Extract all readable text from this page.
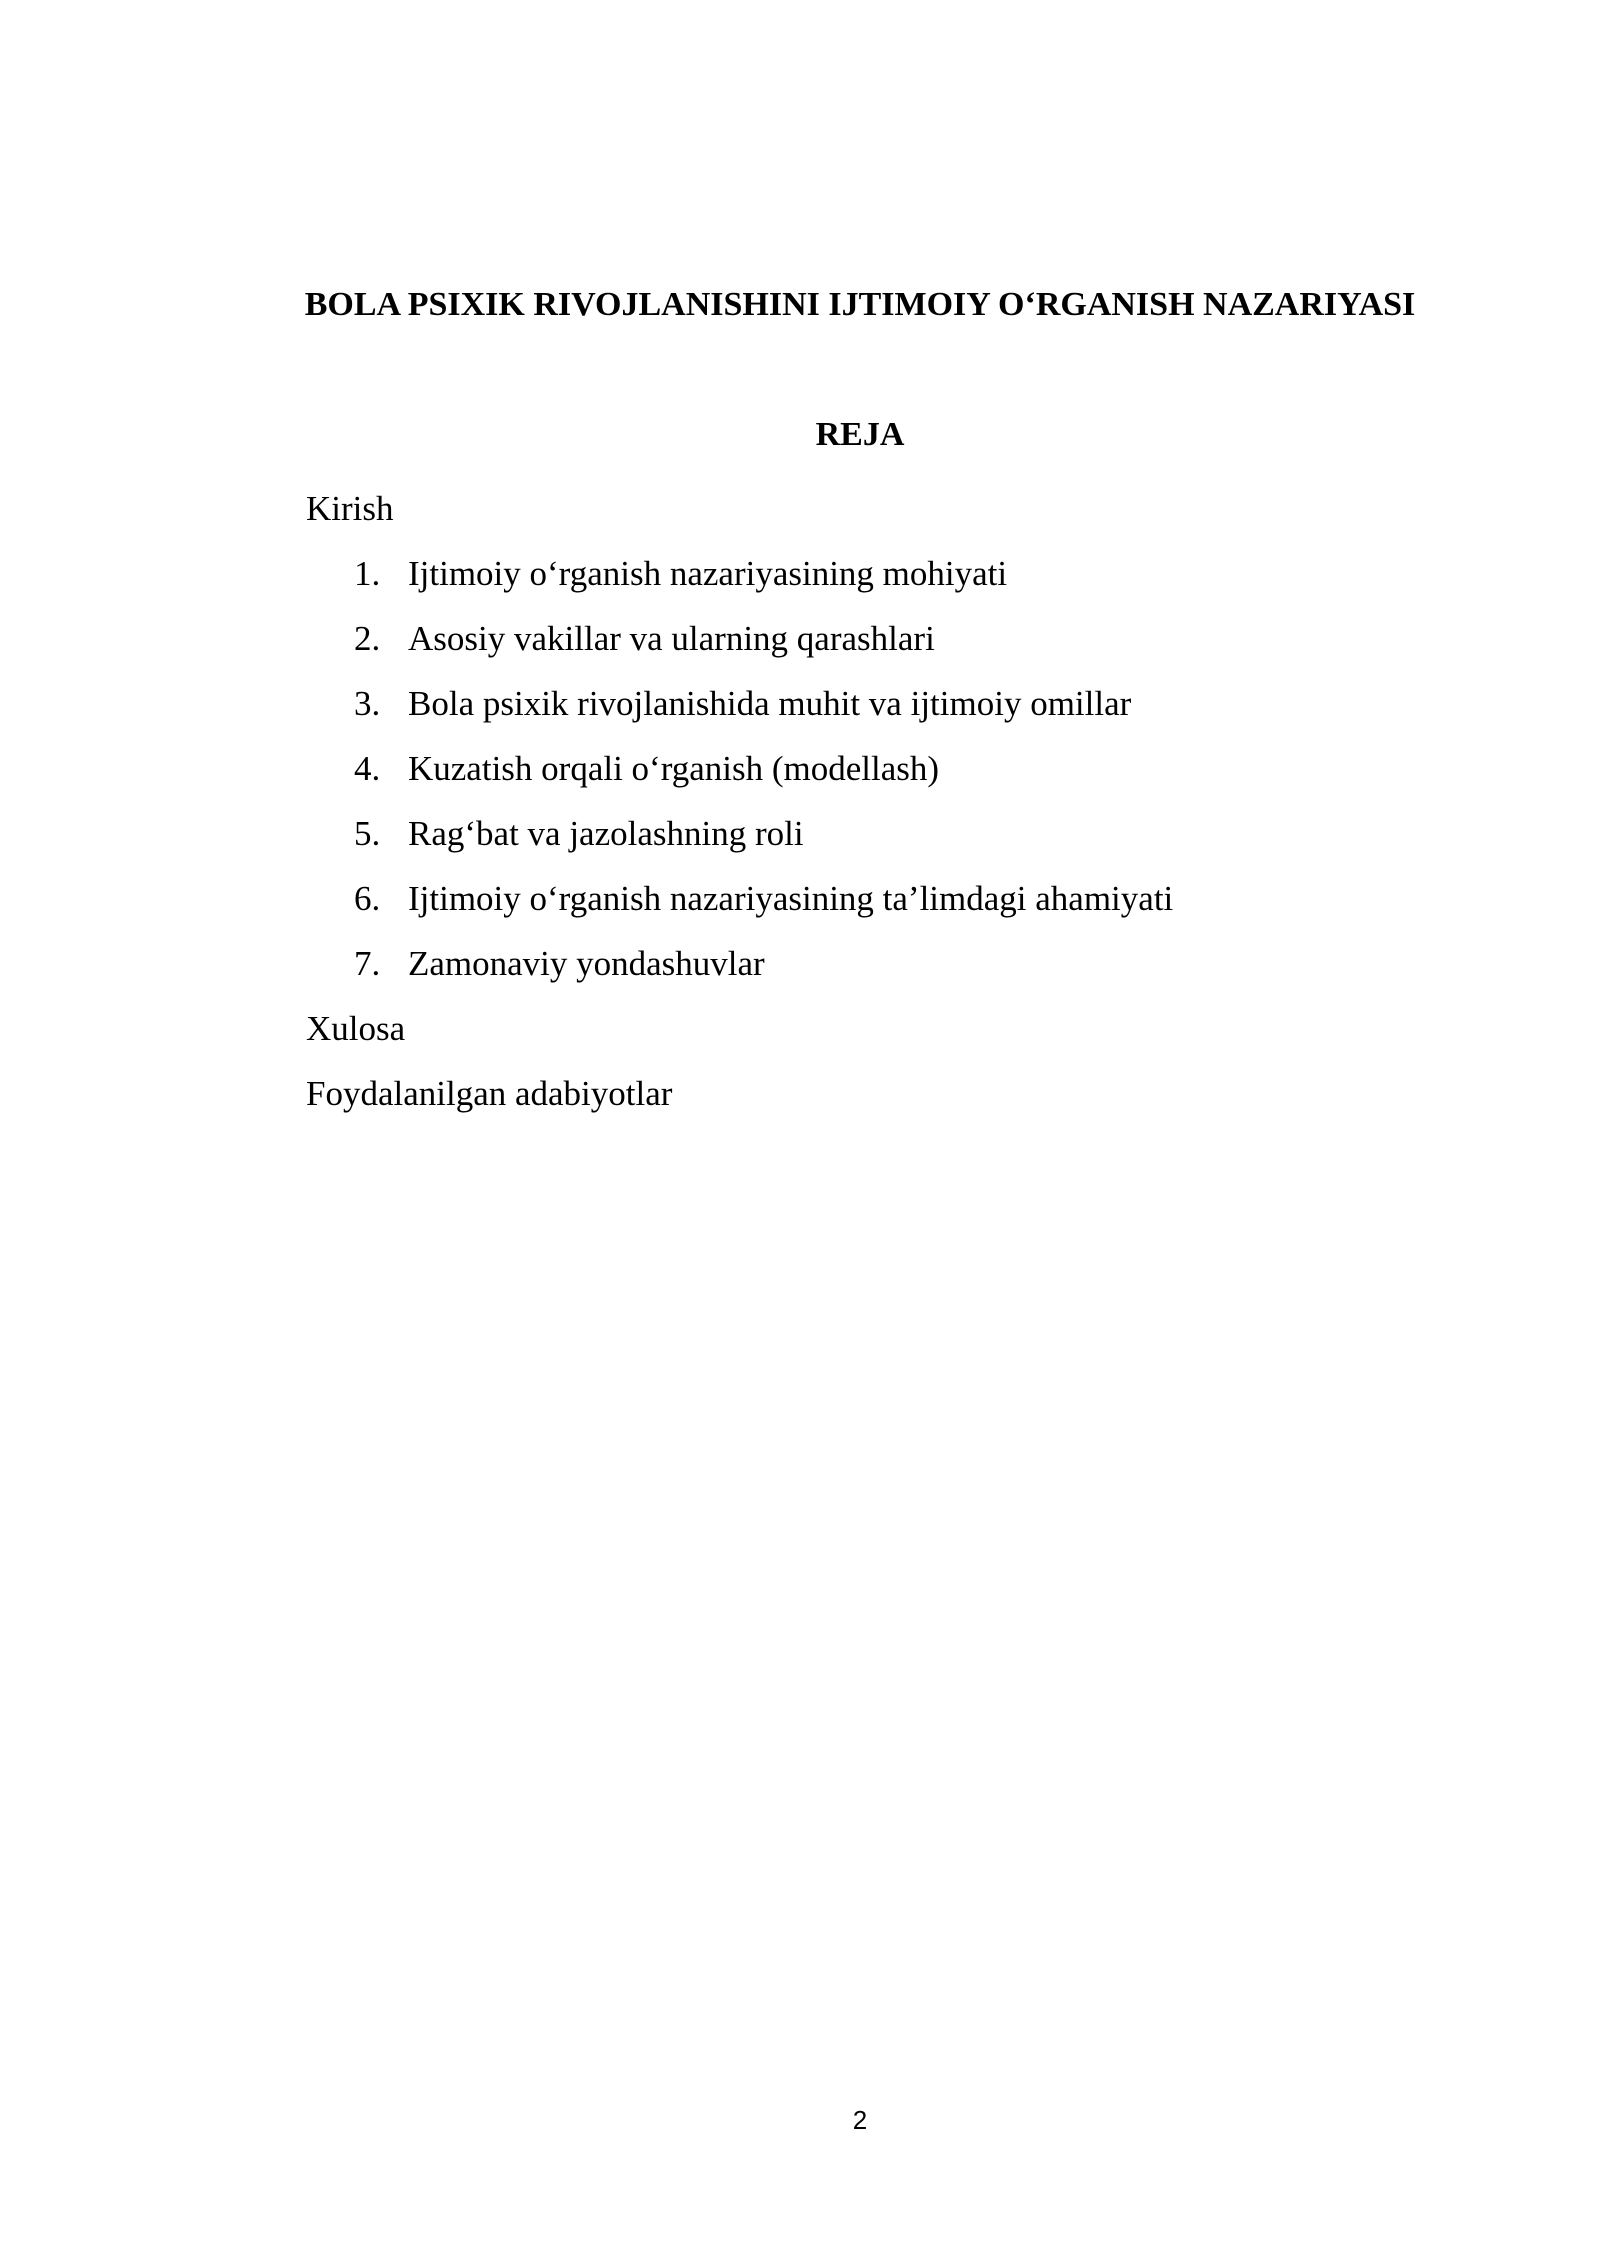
BOLA PSIXIK RIVOJLANISHINI IJTIMOIY O‘RGANISH NAZARIYASI
REJA
Kirish
1. Ijtimoiy o‘rganish nazariyasining mohiyati
2. Asosiy vakillar va ularning qarashlari
3. Bola psixik rivojlanishida muhit va ijtimoiy omillar
4. Kuzatish orqali o‘rganish (modellash)
5. Rag‘bat va jazolashning roli
6. Ijtimoiy o‘rganish nazariyasining ta’limdagi ahamiyati
7. Zamonaviy yondashuvlar
Xulosa
Foydalanilgan adabiyotlar
2
